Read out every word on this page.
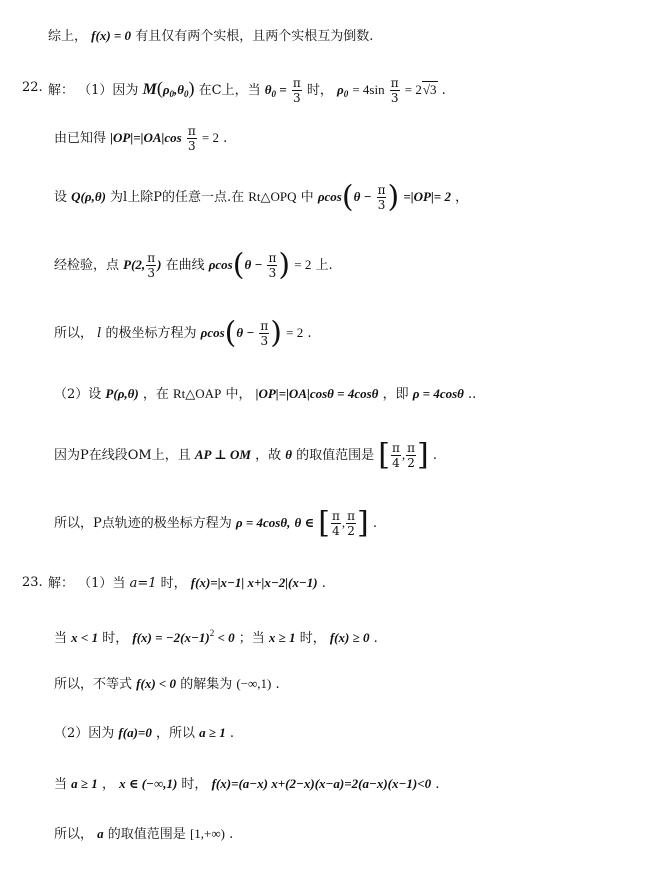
综上， f(x) = 0 有且仅有两个实根，且两个实根互为倒数.
22. 解： （1）因为 $M(\rho_0,\theta_0)$ 在C上，当 $\theta_0 = \frac{\pi}{3}$ 时， $\rho_0 = 4\sin \frac{\pi}{3} = 2√3$ .
由已知得 $|OP|=|OA|\cos \frac{\pi}{3} = 2$ .
设 Q(ρ,θ) 为l上除P的任意一点.在 Rt△OPQ 中 $\rho\cos(\theta - \frac{\pi}{3}$ ) =|OP|= 2 ，
经检验，点 P(2, $\frac{\pi}{3}$ ) 在曲线 $\rho\cos(\theta - \frac{\pi}{3}$ ) = 2 上.
所以， l 的极坐标方程为 $\rho\cos(\theta - \frac{\pi}{3}$ ) = 2 .
（2）设 P(ρ,θ) ，在 Rt△OAP 中， |OP|=|OA|cosθ = 4cosθ ，即 ρ = 4cosθ ..
因为P在线段OM上，且 AP ⊥ OM ，故 θ 的取值范围是 [ $\frac{\pi}{4}$ , $\frac{\pi}{2}$ ] .
所以，P点轨迹的极坐标方程为 ρ = 4cosθ, θ ∈ [ $\frac{\pi}{4}$ , $\frac{\pi}{2}$ ] .
23. 解： （1）当 a=1 时， f(x)=|x−1| x+|x−2|(x−1) .
当 x < 1 时， $f(x) = -2(x-1)^2 < 0$ ；当 x ≥ 1 时， f(x) ≥ 0 .
所以，不等式 f(x) < 0 的解集为 (−∞,1) .
（2）因为 f(a)=0 ，所以 a ≥ 1 .
当 a ≥ 1 ， x ∈ (−∞,1) 时， f(x)=(a−x) x+(2−x)(x−a)=2(a−x)(x−1)<0 .
所以， a 的取值范围是 [1,+∞) .
